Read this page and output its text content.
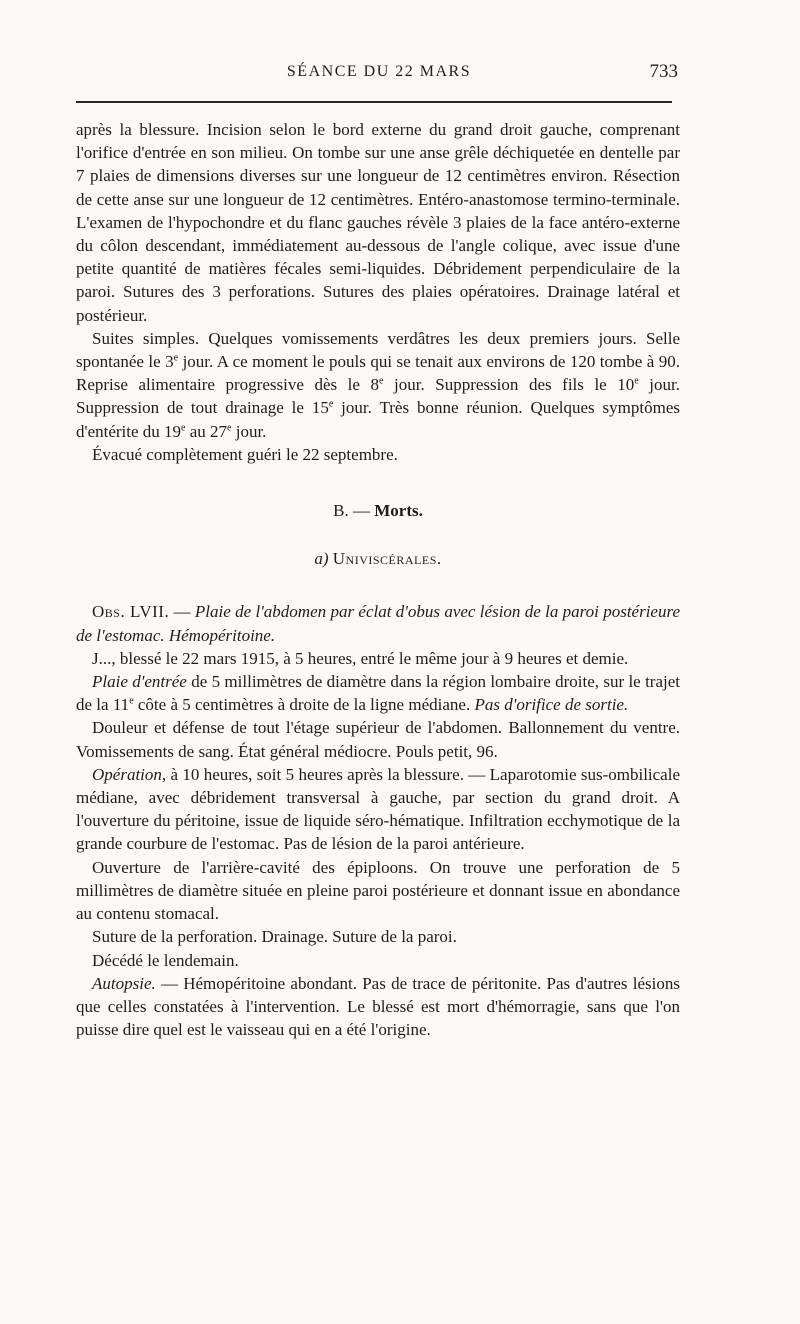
SÉANCE DU 22 MARS	733

après la blessure. Incision selon le bord externe du grand droit gauche, comprenant l'orifice d'entrée en son milieu. On tombe sur une anse grêle déchiquetée en dentelle par 7 plaies de dimensions diverses sur une longueur de 12 centimètres environ. Résection de cette anse sur une longueur de 12 centimètres. Entéro-anastomose termino-terminale. L'examen de l'hypochondre et du flanc gauches révèle 3 plaies de la face antéro-externe du côlon descendant, immédiatement au-dessous de l'angle colique, avec issue d'une petite quantité de matières fécales semi-liquides. Débridement perpendiculaire de la paroi. Sutures des 3 perforations. Sutures des plaies opératoires. Drainage latéral et postérieur.

Suites simples. Quelques vomissements verdâtres les deux premiers jours. Selle spontanée le 3e jour. A ce moment le pouls qui se tenait aux environs de 120 tombe à 90. Reprise alimentaire progressive dès le 8e jour. Suppression des fils le 10e jour. Suppression de tout drainage le 15e jour. Très bonne réunion. Quelques symptômes d'entérite du 19e au 27e jour.

Évacué complètement guéri le 22 septembre.

B. — Morts.

a) Univiscérales.

Obs. LVII. — Plaie de l'abdomen par éclat d'obus avec lésion de la paroi postérieure de l'estomac. Hémopéritoine.

J..., blessé le 22 mars 1915, à 5 heures, entré le même jour à 9 heures et demie.

Plaie d'entrée de 5 millimètres de diamètre dans la région lombaire droite, sur le trajet de la 11e côte à 5 centimètres à droite de la ligne médiane. Pas d'orifice de sortie.

Douleur et défense de tout l'étage supérieur de l'abdomen. Ballonnement du ventre. Vomissements de sang. État général médiocre. Pouls petit, 96.

Opération, à 10 heures, soit 5 heures après la blessure. — Laparotomie sus-ombilicale médiane, avec débridement transversal à gauche, par section du grand droit. A l'ouverture du péritoine, issue de liquide séro-hématique. Infiltration ecchymotique de la grande courbure de l'estomac. Pas de lésion de la paroi antérieure.

Ouverture de l'arrière-cavité des épiploons. On trouve une perforation de 5 millimètres de diamètre située en pleine paroi postérieure et donnant issue en abondance au contenu stomacal.

Suture de la perforation. Drainage. Suture de la paroi.

Décédé le lendemain.

Autopsie. — Hémopéritoine abondant. Pas de trace de péritonite. Pas d'autres lésions que celles constatées à l'intervention. Le blessé est mort d'hémorragie, sans que l'on puisse dire quel est le vaisseau qui en a été l'origine.
